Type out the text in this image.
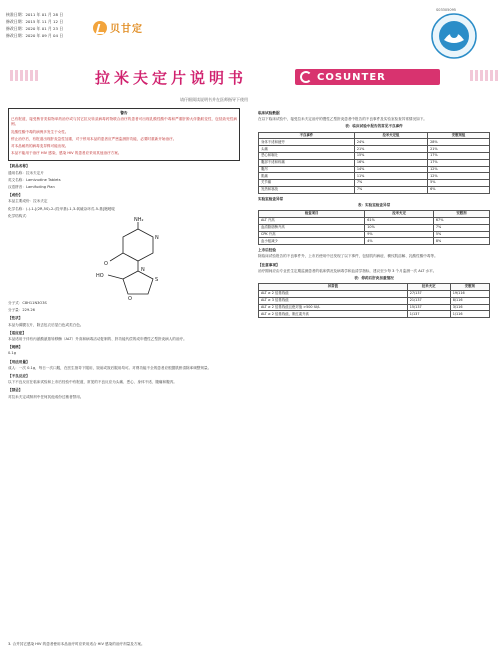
核准日期：2011 年 01 月 28 日
修改日期：2015 年 11 月 12 日
修改日期：2020 年 01 月 23 日
修改日期：2020 年 09 月 04 日
贝甘定
S03305095
拉米夫定片说明书	COSUNTER
请仔细阅读说明书并在医师指导下使用
警告
已有报道，接受核苷类似物单药治疗或与其它抗反转录病毒药物联合治疗的患者可出现乳酸性酸中毒和严重肝肿大伴脂肪变性，包括致死性病例。
乳酸性酸中毒的病例多发生于女性。
停止治疗后，有报道出现肝炎急性加重，对于停用本品的患者应严密监测肝功能，必要时重新开始治疗。
对本品耐药的病毒变异株可能出现。
本品不能用于治疗 HIV 感染，感染 HIV 的患者应采用其他治疗方案。
【药品名称】
通用名称：拉米夫定片
英文名称：Lamivudine Tablets
汉语拼音：Lamifuding Pian
【成份】
本品主要成份：拉米夫定
化学名称：(-)-1-[(2R,5S)-2-(羟甲基)-1,3-氧硫杂环戊-5-基]胞嘧啶
化学结构式：
NH₂
N
O
N
S
O
HO
分子式：C8H11N3O3S
分子量：229.26
【性状】
本品为薄膜衣片，除去包衣后显白色或类白色。
【适应症】
本品适用于伴有丙氨酸氨基转移酶（ALT）升高和病毒活动复制的、肝功能代偿的成年慢性乙型肝炎病人的治疗。
【规格】
0.1g
【用法用量】
成人：一次 0.1g，每日一次口服，在医生指导下服用，饭前或饭后服用均可。对肾功能不全的患者应根据肌酐清除率调整剂量。
【不良反应】
以下不良反应在临床试验和上市后经验中有报道，常见的不良反应为头痛、恶心、身体不适、腹痛和腹泻。
【禁忌】
对拉米夫定或制剂中任何其他成份过敏者禁用。
临床试验数据
在以下临床试验中，接受拉米夫定治疗的慢性乙型肝炎患者中报告的不良事件及实验室检查异常情况如下。
表：临床试验中报告的常见不良事件
不良事件	拉米夫定组	安慰剂组
身体不适和疲劳	24%	28%
头痛	21%	21%
恶心和呕吐	15%	17%
腹部不适和疼痛	16%	17%
腹泻	14%	12%
肌痛	11%	12%
关节痛	7%	5%
发热和寒战	7%	6%
实验室检查异常
表：实验室检查异常
检查项目	拉米夫定	安慰剂
ALT 升高	61%	67%
血清脂肪酶升高	10%	7%
CPK 升高	9%	5%
血小板减少	4%	8%
上市后经验
除临床试验报告的不良事件外，上市后使用中还发现了以下事件，包括肌肉病症、横纹肌溶解、乳酸性酸中毒等。
【注意事项】
治疗期间应由专业医生定期监测患者的临床情况及病毒学和血清学指标，建议至少每 3 个月监测一次 ALT 水平。
表：停药后肝炎加重情况
异常值	拉米夫定	安慰剂
ALT ≥ 2 倍基线值	27/137	19/116
ALT ≥ 3 倍基线值	21/137	8/116
ALT ≥ 2 倍基线值且绝对值 >500 IU/L	15/137	3/116
ALT ≥ 2 倍基线值，胆红素升高	1/137	1/116
3. 合并其它感染 HIV 的患者使用本品治疗时应采用适合 HIV 感染的治疗剂量及方案。
